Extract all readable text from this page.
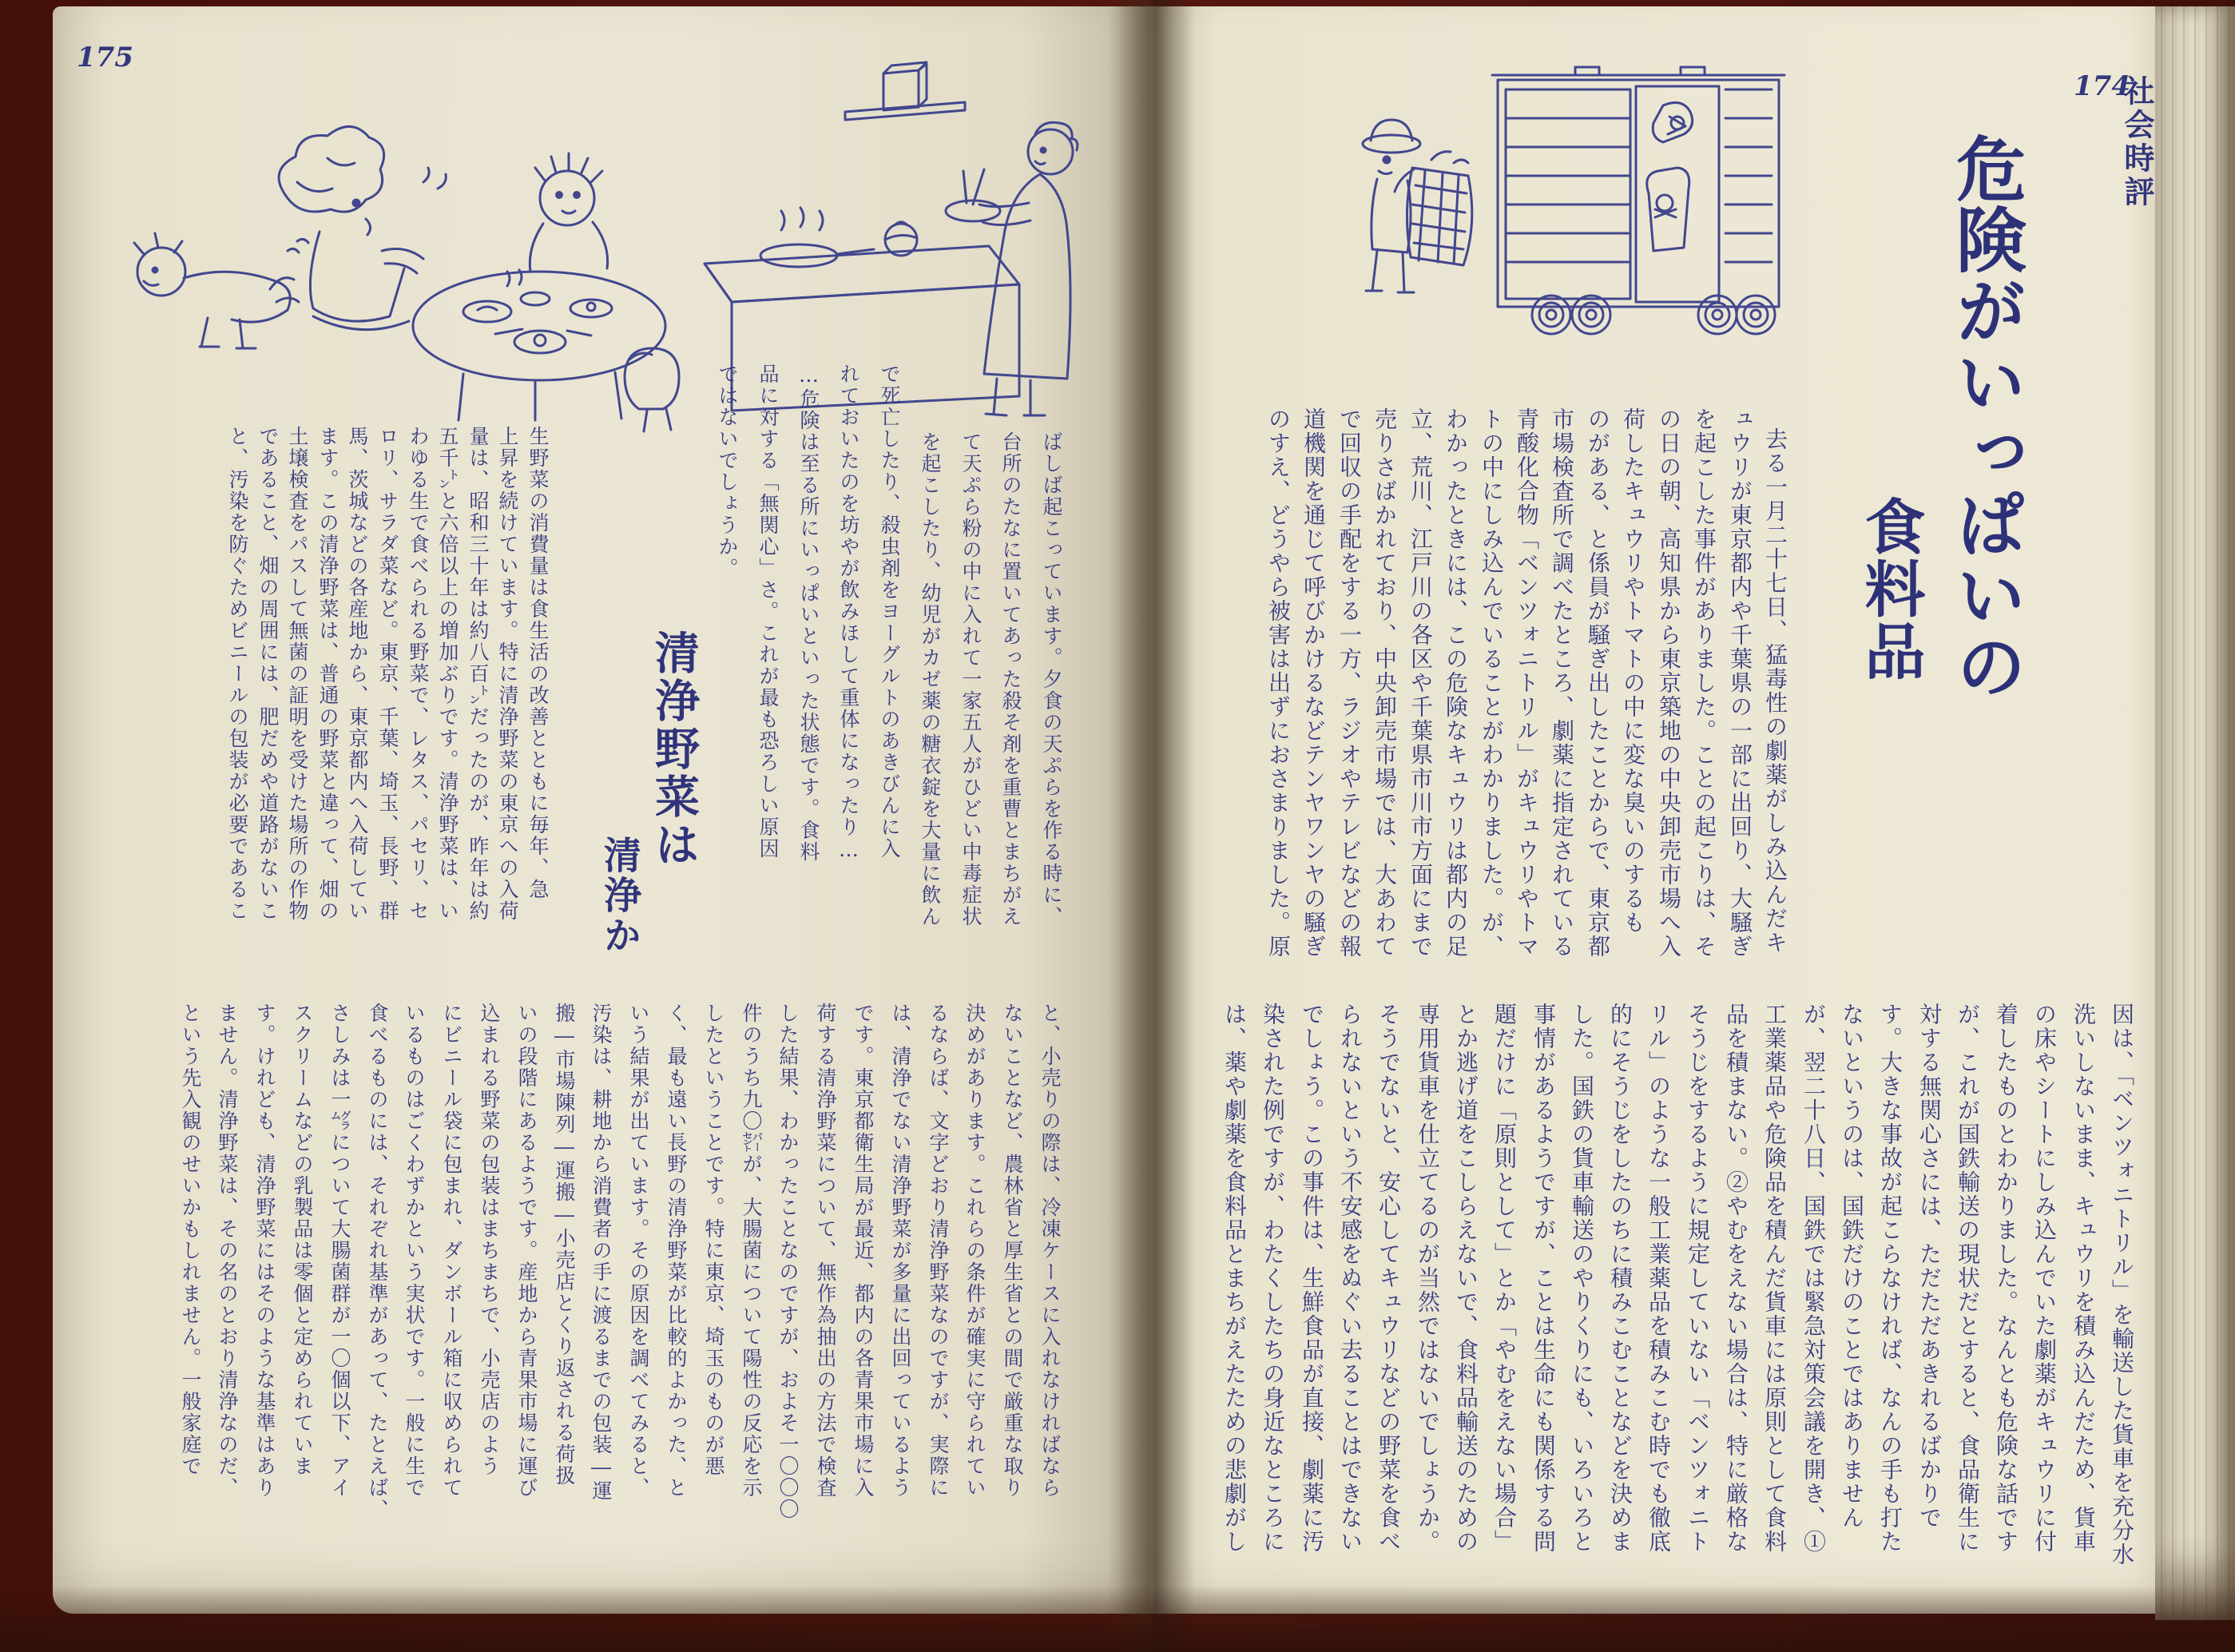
175
ばしば起こっています。夕食の天ぷらを作る時に、
台所のたなに置いてあった殺そ剤を重曹とまちがえ
て天ぷら粉の中に入れて一家五人がひどい中毒症状
を起こしたり、幼児がカゼ薬の糖衣錠を大量に飲ん
で死亡したり、殺虫剤をヨーグルトのあきびんに入
れておいたのを坊やが飲みほして重体になったり…
…危険は至る所にいっぱいといった状態です。食料
品に対する「無関心」さ。これが最も恐ろしい原因
ではないでしょうか。
清浄野菜は
清浄か
生野菜の消費量は食生活の改善とともに毎年、急
上昇を続けています。特に清浄野菜の東京への入荷
量は、昭和三十年は約八百㌧だったのが、昨年は約
五千㌧と六倍以上の増加ぶりです。清浄野菜は、い
わゆる生で食べられる野菜で、レタス、パセリ、セ
ロリ、サラダ菜など。東京、千葉、埼玉、長野、群
馬、茨城などの各産地から、東京都内へ入荷してい
ます。この清浄野菜は、普通の野菜と違って、畑の
土壌検査をパスして無菌の証明を受けた場所の作物
であること、畑の周囲には、肥だめや道路がないこ
と、汚染を防ぐためビニールの包装が必要であるこ
と、小売りの際は、冷凍ケースに入れなければなら
ないことなど、農林省と厚生省との間で厳重な取り
決めがあります。これらの条件が確実に守られてい
るならば、文字どおり清浄野菜なのですが、実際に
は、清浄でない清浄野菜が多量に出回っているよう
です。東京都衛生局が最近、都内の各青果市場に入
荷する清浄野菜について、無作為抽出の方法で検査
した結果、わかったことなのですが、およそ一〇〇〇
件のうち九〇㌫が、大腸菌について陽性の反応を示
したということです。特に東京、埼玉のものが悪
く、最も遠い長野の清浄野菜が比較的よかった、と
いう結果が出ています。その原因を調べてみると、
汚染は、耕地から消費者の手に渡るまでの包装―運
搬―市場陳列―運搬―小売店とくり返される荷扱
いの段階にあるようです。産地から青果市場に運び
込まれる野菜の包装はまちまちで、小売店のよう
にビニール袋に包まれ、ダンボール箱に収められて
いるものはごくわずかという実状です。一般に生で
食べるものには、それぞれ基準があって、たとえば、
さしみは一㌘について大腸菌群が一〇個以下、アイ
スクリームなどの乳製品は零個と定められていま
す。けれども、清浄野菜にはそのような基準はあり
ません。清浄野菜は、その名のとおり清浄なのだ、
という先入観のせいかもしれません。一般家庭で
174
社会時評
危険がいっぱいの
食料品
去る一月二十七日、猛毒性の劇薬がしみ込んだキ
ュウリが東京都内や千葉県の一部に出回り、大騒ぎ
を起こした事件がありました。ことの起こりは、そ
の日の朝、高知県から東京築地の中央卸売市場へ入
荷したキュウリやトマトの中に変な臭いのするも
のがある、と係員が騒ぎ出したことからで、東京都
市場検査所で調べたところ、劇薬に指定されている
青酸化合物「ベンツォニトリル」がキュウリやトマ
トの中にしみ込んでいることがわかりました。が、
わかったときには、この危険なキュウリは都内の足
立、荒川、江戸川の各区や千葉県市川市方面にまで
売りさばかれており、中央卸売市場では、大あわて
で回収の手配をする一方、ラジオやテレビなどの報
道機関を通じて呼びかけるなどテンヤワンヤの騒ぎ
のすえ、どうやら被害は出ずにおさまりました。原
因は、「ベンツォニトリル」を輸送した貨車を充分水
洗いしないまま、キュウリを積み込んだため、貨車
の床やシートにしみ込んでいた劇薬がキュウリに付
着したものとわかりました。なんとも危険な話です
が、これが国鉄輸送の現状だとすると、食品衛生に
対する無関心さには、ただただあきれるばかりで
す。大きな事故が起こらなければ、なんの手も打た
ないというのは、国鉄だけのことではありません
が、翌二十八日、国鉄では緊急対策会議を開き、①
工業薬品や危険品を積んだ貨車には原則として食料
品を積まない。②やむをえない場合は、特に厳格な
そうじをするように規定していない「ベンツォニト
リル」のような一般工業薬品を積みこむ時でも徹底
的にそうじをしたのちに積みこむことなどを決めま
した。国鉄の貨車輸送のやりくりにも、いろいろと
事情があるようですが、ことは生命にも関係する問
題だけに「原則として」とか「やむをえない場合」
とか逃げ道をこしらえないで、食料品輸送のための
専用貨車を仕立てるのが当然ではないでしょうか。
そうでないと、安心してキュウリなどの野菜を食べ
られないという不安感をぬぐい去ることはできない
でしょう。この事件は、生鮮食品が直接、劇薬に汚
染された例ですが、わたくしたちの身近なところに
は、薬や劇薬を食料品とまちがえたための悲劇がし
